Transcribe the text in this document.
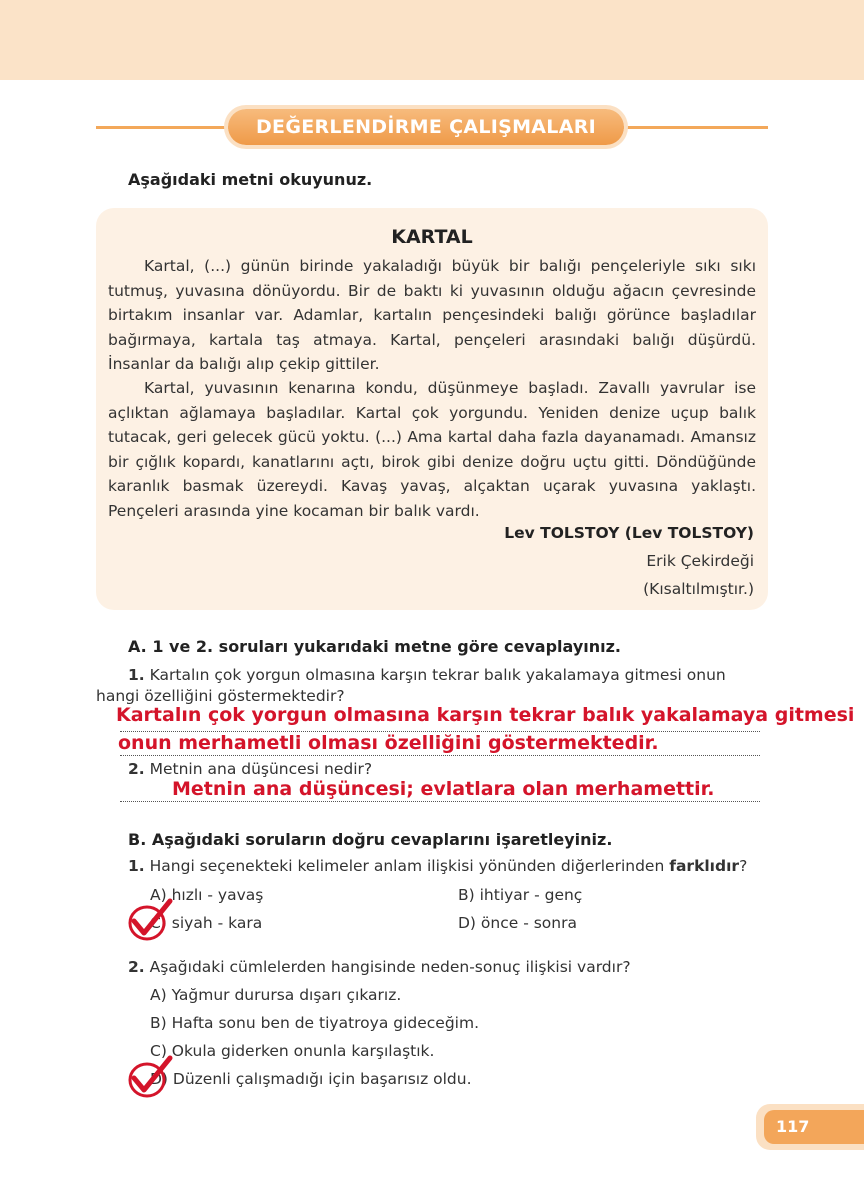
DEĞERLENDİRME ÇALIŞMALARI
Aşağıdaki metni okuyunuz.
KARTAL
Kartal, (...) günün birinde yakaladığı büyük bir balığı pençeleriyle sıkı sıkı tutmuş, yuvasına dönüyordu. Bir de baktı ki yuvasının olduğu ağacın çevresinde birtakım insanlar var. Adamlar, kartalın pençesindeki balığı görünce başladılar bağırmaya, kartala taş atmaya. Kartal, pençeleri arasındaki balığı düşürdü. İnsanlar da balığı alıp çekip gittiler.
Kartal, yuvasının kenarına kondu, düşünmeye başladı. Zavallı yavrular ise açlıktan ağlamaya başladılar. Kartal çok yorgundu. Yeniden denize uçup balık tutacak, geri gelecek gücü yoktu. (...) Ama kartal daha fazla dayanamadı. Amansız bir çığlık kopardı, kanatlarını açtı, birok gibi denize doğru uçtu gitti. Döndüğünde karanlık basmak üzereydi. Kavaş yavaş, alçaktan uçarak yuvasına yaklaştı. Pençeleri arasında yine kocaman bir balık vardı.
Lev TOLSTOY (Lev TOLSTOY)
Erik Çekirdeği
(Kısaltılmıştır.)
A. 1 ve 2. soruları yukarıdaki metne göre cevaplayınız.
1. Kartalın çok yorgun olmasına karşın tekrar balık yakalamaya gitmesi onun
hangi özelliğini göstermektedir?
Kartalın çok yorgun olmasına karşın tekrar balık yakalamaya gitmesi
onun merhametli olması özelliğini göstermektedir.
2. Metnin ana düşüncesi nedir?
Metnin ana düşüncesi; evlatlara olan merhamettir.
B. Aşağıdaki soruların doğru cevaplarını işaretleyiniz.
1. Hangi seçenekteki kelimeler anlam ilişkisi yönünden diğerlerinden farklıdır?
A) hızlı - yavaş	B) ihtiyar - genç
C) siyah - kara	D) önce - sonra
2. Aşağıdaki cümlelerden hangisinde neden-sonuç ilişkisi vardır?
A) Yağmur durursa dışarı çıkarız.
B) Hafta sonu ben de tiyatroya gideceğim.
C) Okula giderken onunla karşılaştık.
D) Düzenli çalışmadığı için başarısız oldu.
117
